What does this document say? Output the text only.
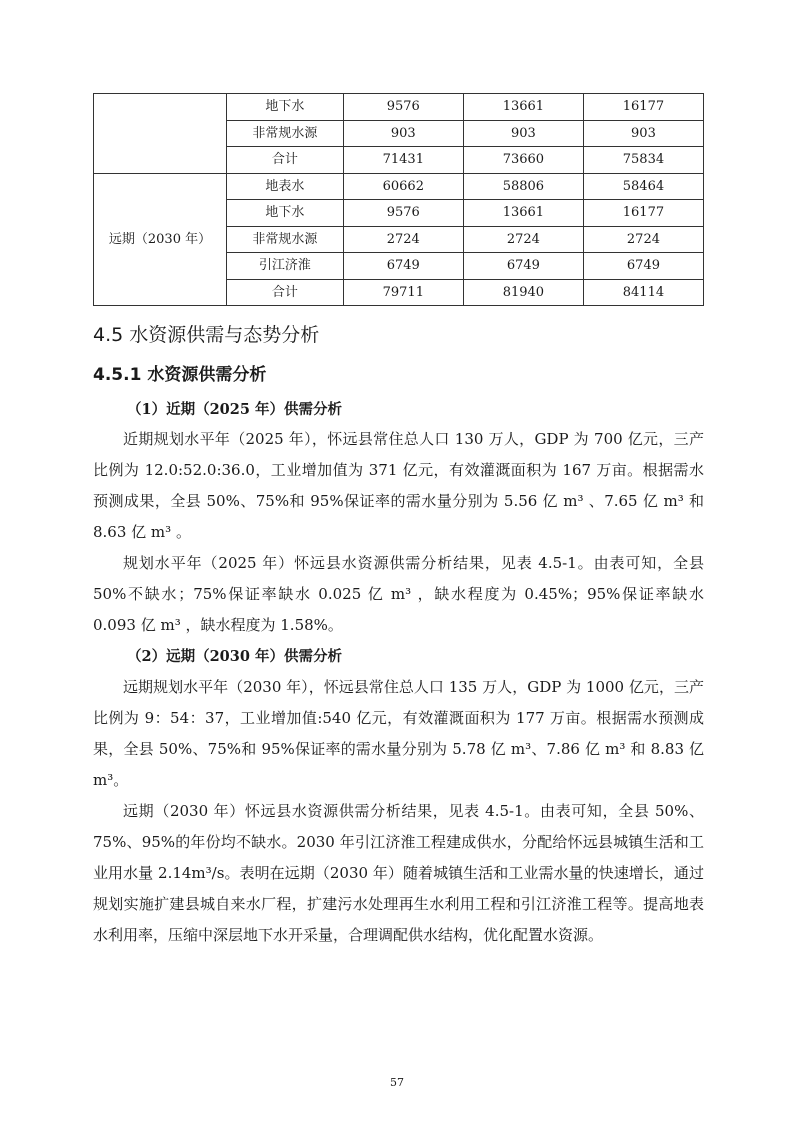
	地下水	9576	13661	16177
	非常规水源	903	903	903
	合计	71431	73660	75834
远期（2030 年）	地表水	60662	58806	58464
	地下水	9576	13661	16177
	非常规水源	2724	2724	2724
	引江济淮	6749	6749	6749
	合计	79711	81940	84114
4.5 水资源供需与态势分析
4.5.1 水资源供需分析

（1）近期（2025 年）供需分析

近期规划水平年（2025 年），怀远县常住总人口 130 万人，GDP 为 700 亿元，三产比例为 12.0:52.0:36.0，工业增加值为 371 亿元，有效灌溉面积为 167 万亩。根据需水预测成果，全县 50%、75%和 95%保证率的需水量分别为 5.56 亿 m³ 、7.65 亿 m³ 和 8.63 亿 m³ 。

规划水平年（2025 年）怀远县水资源供需分析结果，见表 4.5-1。由表可知，全县 50%不缺水；75%保证率缺水 0.025 亿 m³ ，缺水程度为 0.45%；95%保证率缺水 0.093 亿 m³ ，缺水程度为 1.58%。

（2）远期（2030 年）供需分析

远期规划水平年（2030 年），怀远县常住总人口 135 万人，GDP 为 1000 亿元，三产比例为 9：54：37，工业增加值:540 亿元，有效灌溉面积为 177 万亩。根据需水预测成果，全县 50%、75%和 95%保证率的需水量分别为 5.78 亿 m³、7.86 亿 m³ 和 8.83 亿 m³。

远期（2030 年）怀远县水资源供需分析结果，见表 4.5-1。由表可知，全县 50%、75%、95%的年份均不缺水。2030 年引江济淮工程建成供水，分配给怀远县城镇生活和工业用水量 2.14m³/s。表明在远期（2030 年）随着城镇生活和工业需水量的快速增长，通过规划实施扩建县城自来水厂程，扩建污水处理再生水利用工程和引江济淮工程等。提高地表水利用率，压缩中深层地下水开采量，合理调配供水结构，优化配置水资源。

57
